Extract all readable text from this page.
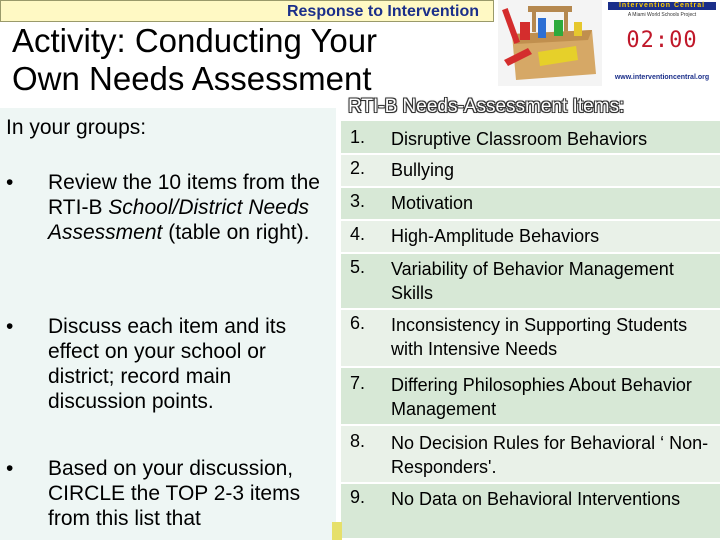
Response to Intervention
Activity: Conducting Your
Own Needs Assessment
Intervention Central
A Miami World Schools Project
02:00
www.interventioncentral.org
In your groups:
•	Review the 10 items from the RTI-B School/District Needs Assessment (table on right).
•	Discuss each item and its effect on your school or district; record main discussion points.
•	Based on your discussion, CIRCLE the TOP 2-3 items from this list that
RTI-B Needs-Assessment Items:
1. Disruptive Classroom Behaviors
2. Bullying
3. Motivation
4. High-Amplitude Behaviors
5. Variability of Behavior Management Skills
6. Inconsistency in Supporting Students with Intensive Needs
7. Differing Philosophies About Behavior Management
8. No Decision Rules for Behavioral ‘ Non-Responders'.
9. No Data on Behavioral Interventions
